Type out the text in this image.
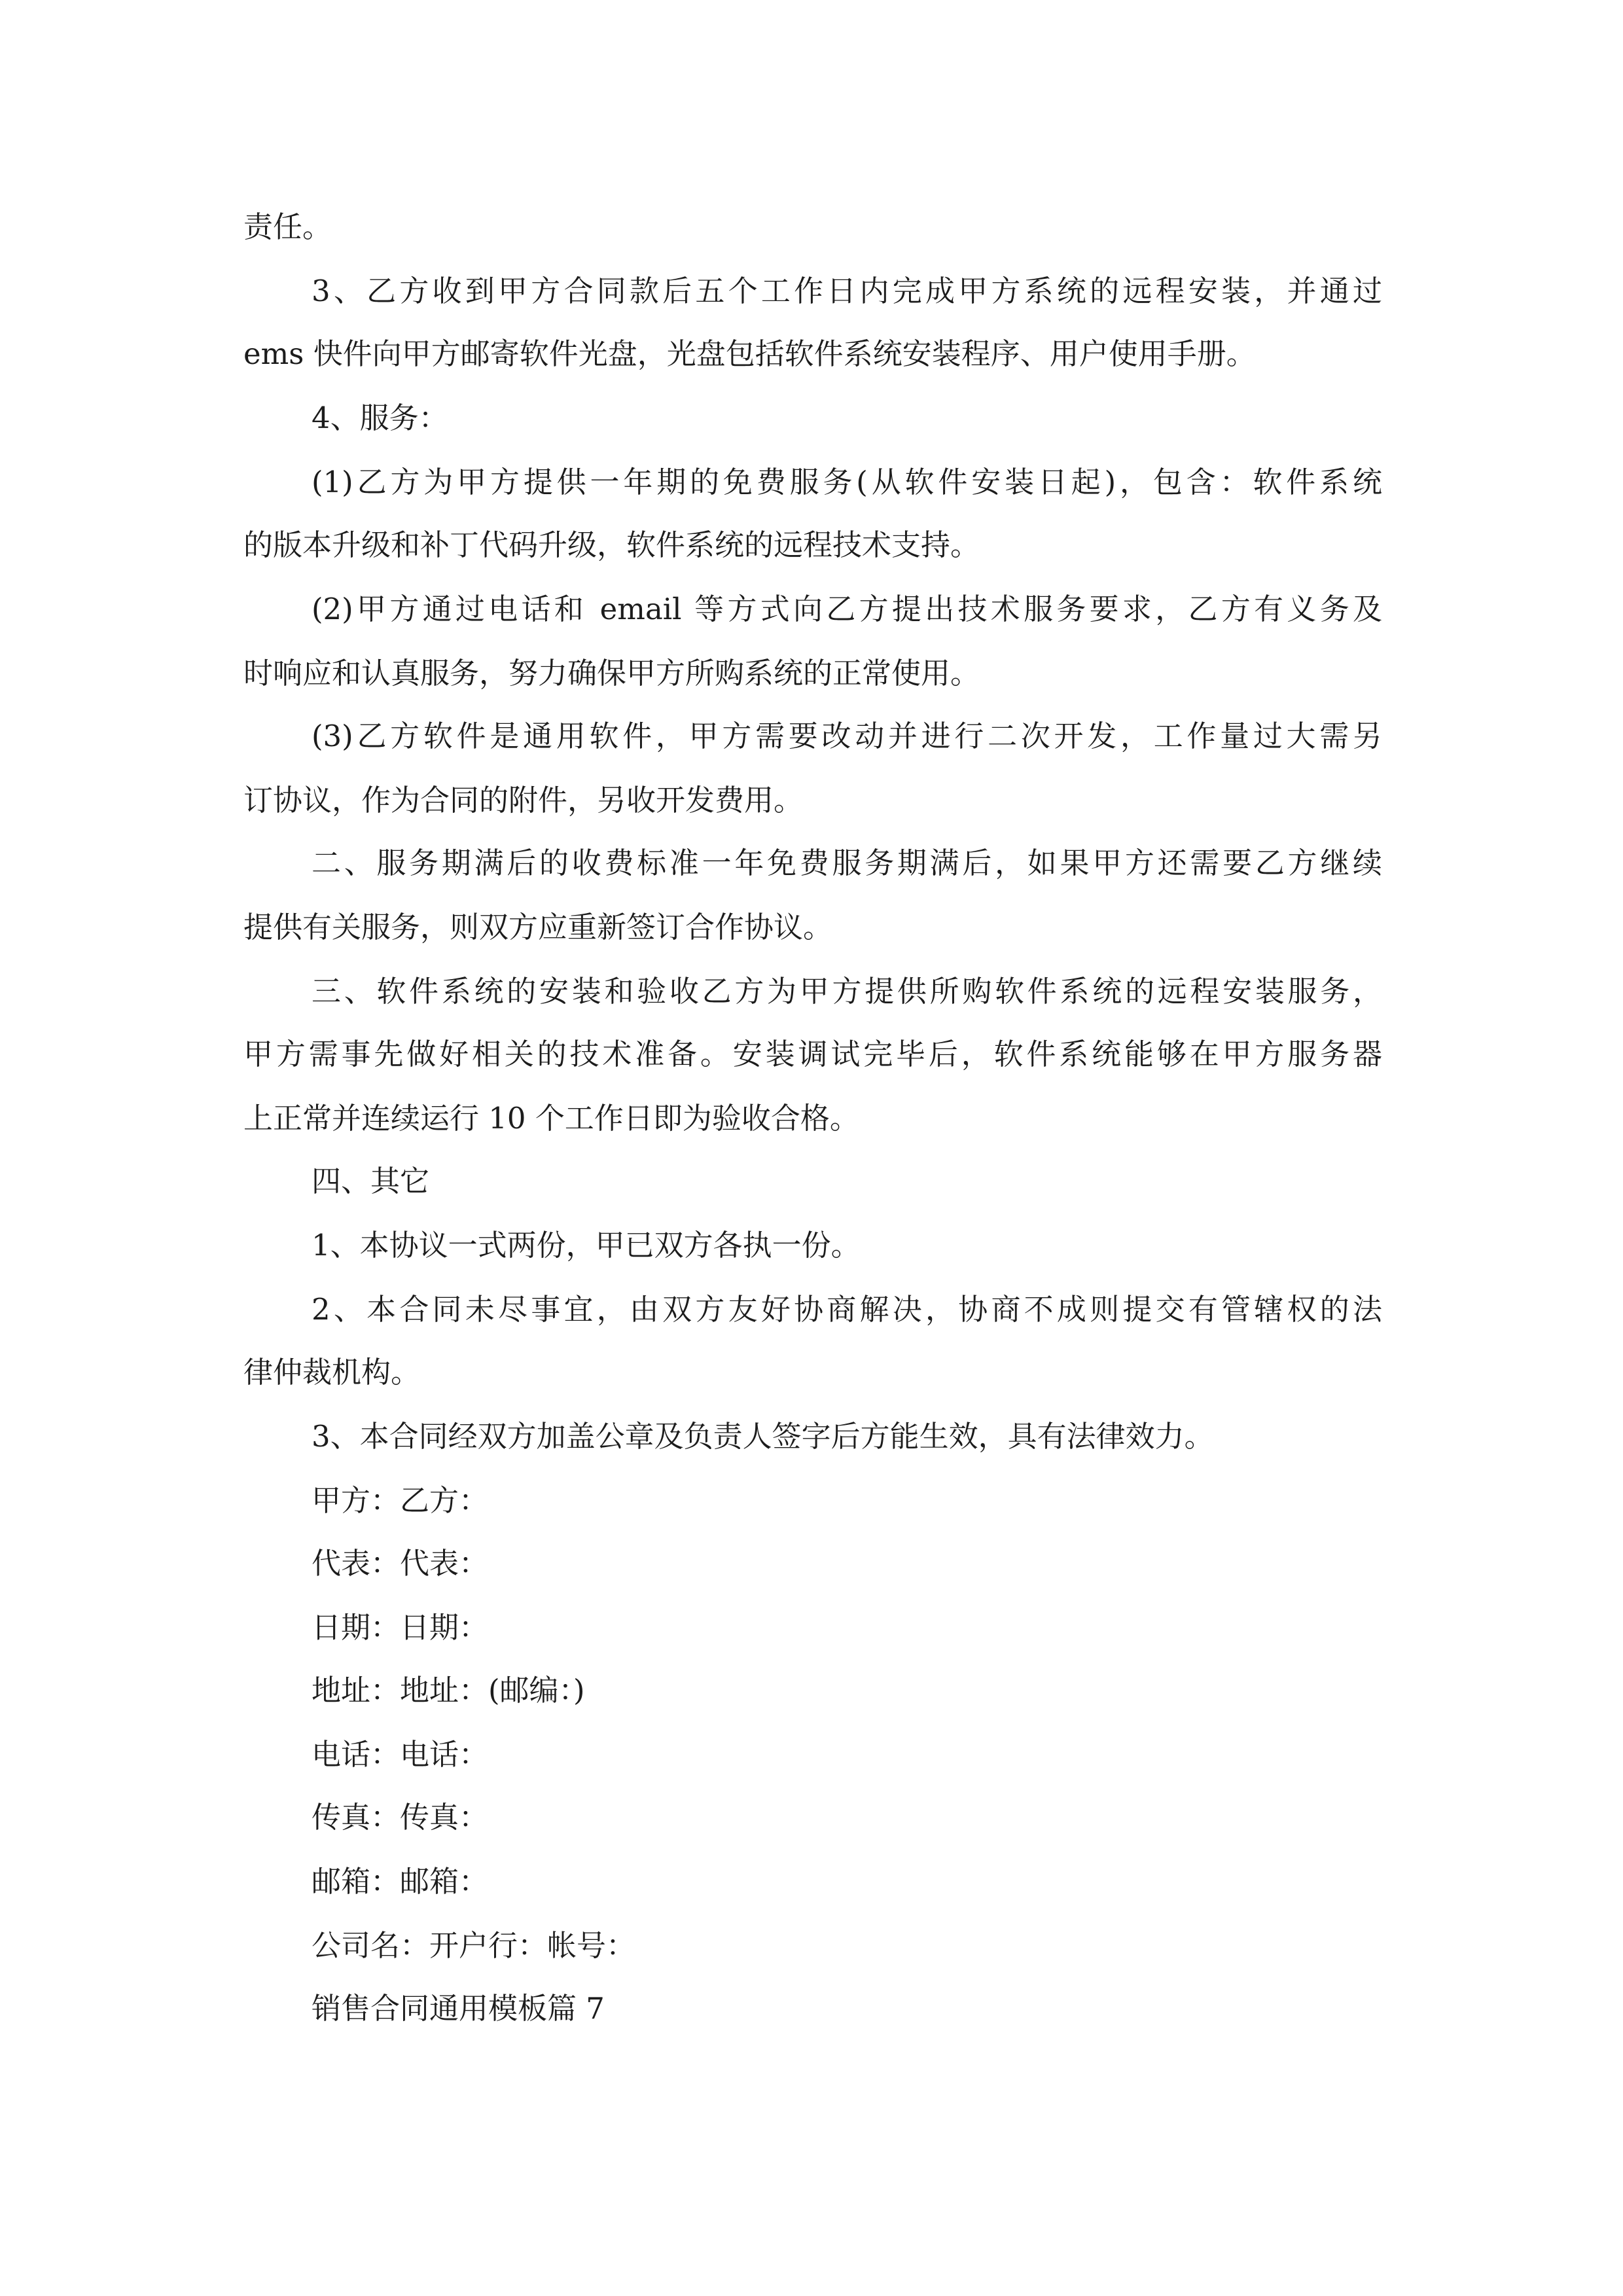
责任。

3、乙方收到甲方合同款后五个工作日内完成甲方系统的远程安装，并通过

ems 快件向甲方邮寄软件光盘，光盘包括软件系统安装程序、用户使用手册。

4、服务：

(1)乙方为甲方提供一年期的免费服务(从软件安装日起)，包含：软件系统

的版本升级和补丁代码升级，软件系统的远程技术支持。

(2)甲方通过电话和 email 等方式向乙方提出技术服务要求，乙方有义务及

时响应和认真服务，努力确保甲方所购系统的正常使用。

(3)乙方软件是通用软件，甲方需要改动并进行二次开发，工作量过大需另

订协议，作为合同的附件，另收开发费用。

二、服务期满后的收费标准一年免费服务期满后，如果甲方还需要乙方继续

提供有关服务，则双方应重新签订合作协议。

三、软件系统的安装和验收乙方为甲方提供所购软件系统的远程安装服务，

甲方需事先做好相关的技术准备。安装调试完毕后，软件系统能够在甲方服务器

上正常并连续运行 10 个工作日即为验收合格。

四、其它

1、本协议一式两份，甲已双方各执一份。

2、本合同未尽事宜，由双方友好协商解决，协商不成则提交有管辖权的法

律仲裁机构。

3、本合同经双方加盖公章及负责人签字后方能生效，具有法律效力。

甲方：乙方：

代表：代表：

日期：日期：

地址：地址：(邮编：)

电话：电话：

传真：传真：

邮箱：邮箱：

公司名：开户行：帐号：

销售合同通用模板篇 7
